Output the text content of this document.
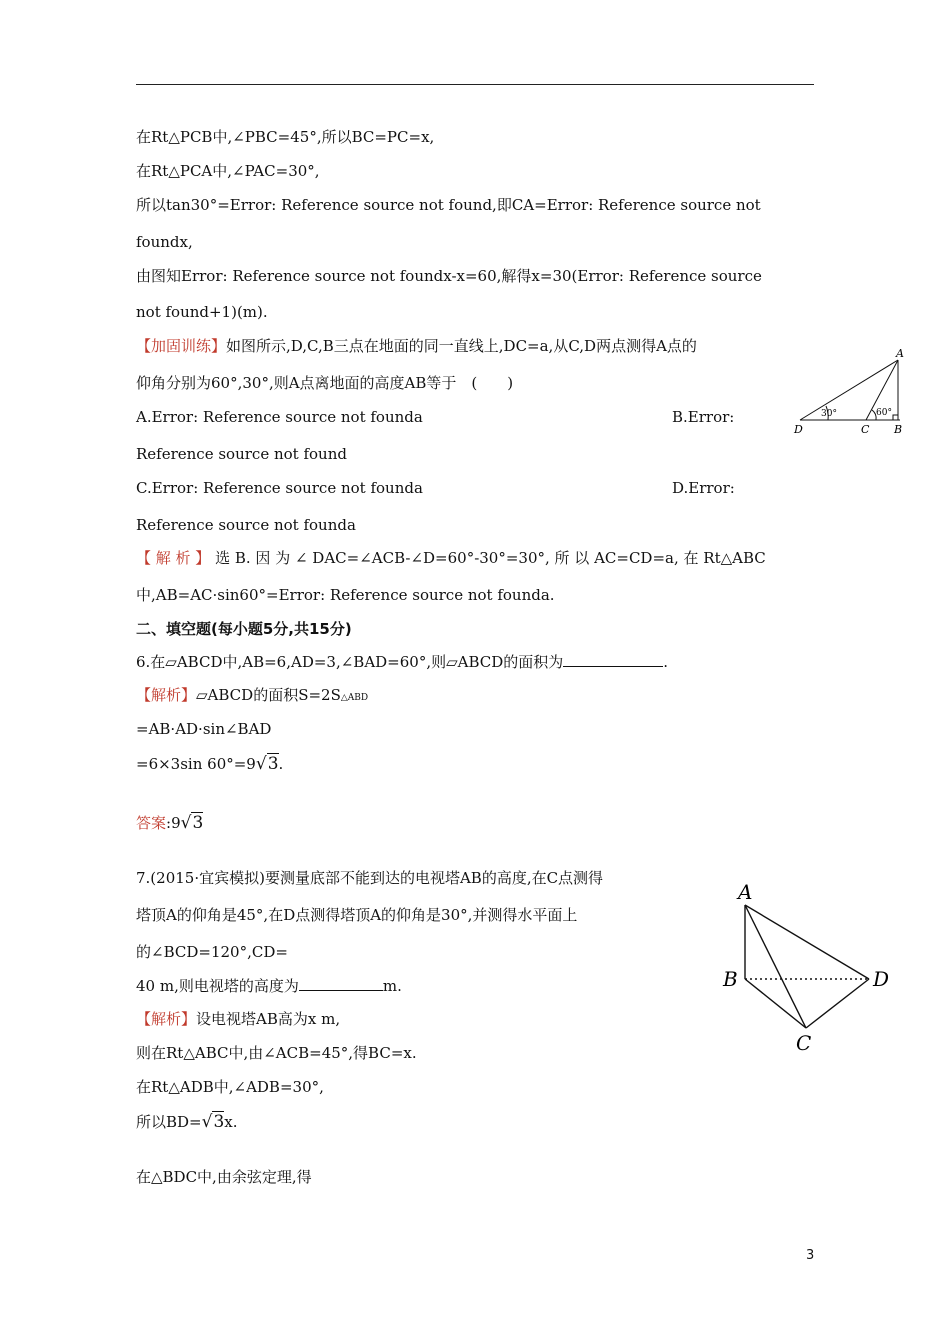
在Rt△PCB中,∠PBC=45°,所以BC=PC=x,
在Rt△PCA中,∠PAC=30°,
所以tan30°=Error: Reference source not found,即CA=Error: Reference source not
foundx,
由图知Error: Reference source not foundx-x=60,解得x=30(Error: Reference source
not found+1)(m).
【加固训练】如图所示,D,C,B三点在地面的同一直线上,DC=a,从C,D两点测得A点的
仰角分别为60°,30°,则A点离地面的高度AB等于　(　　)
A.Error: Reference source not founda	B.Error:
Reference source not found
C.Error: Reference source not founda	D.Error:
Reference source not founda
【 解 析 】 选 B. 因 为 ∠ DAC=∠ACB-∠D=60°-30°=30°, 所 以 AC=CD=a, 在 Rt△ABC
中,AB=AC·sin60°=Error: Reference source not founda.
二、填空题(每小题5分,共15分)
6.在▱ABCD中,AB=6,AD=3,∠BAD=60°,则▱ABCD的面积为	.
【解析】▱ABCD的面积S=2S△ABD
=AB·AD·sin∠BAD
=6×3sin 60°=9√3.
答案:9√3
7.(2015·宜宾模拟)要测量底部不能到达的电视塔AB的高度,在C点测得
塔顶A的仰角是45°,在D点测得塔顶A的仰角是30°,并测得水平面上
的∠BCD=120°,CD=
40 m,则电视塔的高度为	m.
【解析】设电视塔AB高为x m,
则在Rt△ABC中,由∠ACB=45°,得BC=x.
在Rt△ADB中,∠ADB=30°,
所以BD=√3x.
在△BDC中,由余弦定理,得
A
D	C B
30°	60°
A
B
C
D
3
